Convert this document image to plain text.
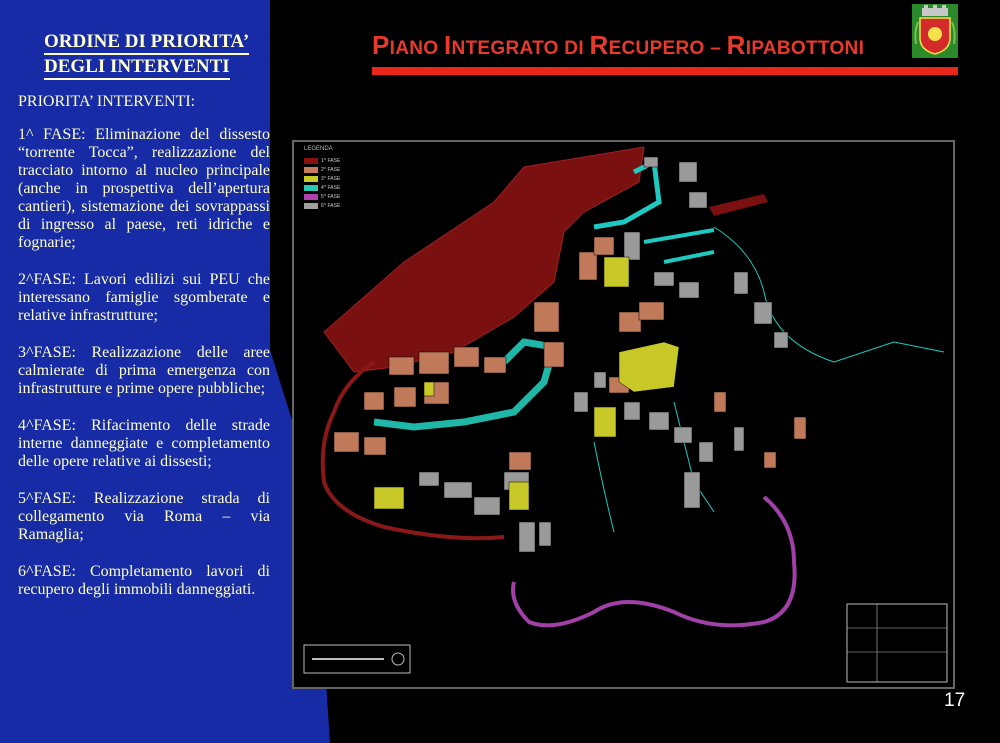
ORDINE DI PRIORITA’
DEGLI INTERVENTI
PRIORITA’ INTERVENTI:
1^ FASE: Eliminazione del dissesto “torrente Tocca”, realizzazione del tracciato intorno al nucleo principale (anche in prospettiva dell’apertura cantieri), sistemazione dei sovrappassi di ingresso al paese, reti idriche e fognarie;
2^FASE: Lavori edilizi sui PEU che interessano famiglie sgomberate e relative infrastrutture;
3^FASE: Realizzazione delle aree calmierate di prima emergenza con infrastrutture e prime opere pubbliche;
4^FASE: Rifacimento delle strade interne danneggiate e completamento delle opere relative ai dissesti;
5^FASE: Realizzazione strada di collegamento via Roma – via Ramaglia;
6^FASE: Completamento lavori di recupero degli immobili danneggiati.
PIANO INTEGRATO DI RECUPERO – RIPABOTTONI
LEGENDA
1^ FASE
2^ FASE
3^ FASE
4^ FASE
5^ FASE
6^ FASE
17
